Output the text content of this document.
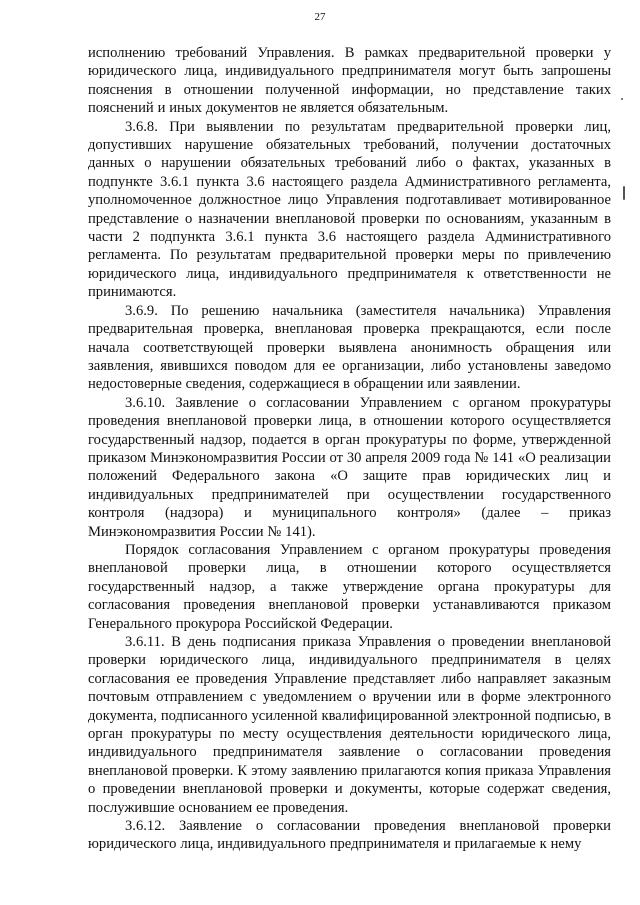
27

исполнению требований Управления. В рамках предварительной проверки у юридического лица, индивидуального предпринимателя могут быть запрошены пояснения в отношении полученной информации, но представление таких пояснений и иных документов не является обязательным.

3.6.8. При выявлении по результатам предварительной проверки лиц, допустивших нарушение обязательных требований, получении достаточных данных о нарушении обязательных требований либо о фактах, указанных в подпункте 3.6.1 пункта 3.6 настоящего раздела Административного регламента, уполномоченное должностное лицо Управления подготавливает мотивированное представление о назначении внеплановой проверки по основаниям, указанным в части 2 подпункта 3.6.1 пункта 3.6 настоящего раздела Административного регламента. По результатам предварительной проверки меры по привлечению юридического лица, индивидуального предпринимателя к ответственности не принимаются.

3.6.9. По решению начальника (заместителя начальника) Управления предварительная проверка, внеплановая проверка прекращаются, если после начала соответствующей проверки выявлена анонимность обращения или заявления, явившихся поводом для ее организации, либо установлены заведомо недостоверные сведения, содержащиеся в обращении или заявлении.

3.6.10. Заявление о согласовании Управлением с органом прокуратуры проведения внеплановой проверки лица, в отношении которого осуществляется государственный надзор, подается в орган прокуратуры по форме, утвержденной приказом Минэкономразвития России от 30 апреля 2009 года № 141 «О реализации положений Федерального закона «О защите прав юридических лиц и индивидуальных предпринимателей при осуществлении государственного контроля (надзора) и муниципального контроля» (далее – приказ Минэкономразвития России № 141).

Порядок согласования Управлением с органом прокуратуры проведения внеплановой проверки лица, в отношении которого осуществляется государственный надзор, а также утверждение органа прокуратуры для согласования проведения внеплановой проверки устанавливаются приказом Генерального прокурора Российской Федерации.

3.6.11. В день подписания приказа Управления о проведении внеплановой проверки юридического лица, индивидуального предпринимателя в целях согласования ее проведения Управление представляет либо направляет заказным почтовым отправлением с уведомлением о вручении или в форме электронного документа, подписанного усиленной квалифицированной электронной подписью, в орган прокуратуры по месту осуществления деятельности юридического лица, индивидуального предпринимателя заявление о согласовании проведения внеплановой проверки. К этому заявлению прилагаются копия приказа Управления о проведении внеплановой проверки и документы, которые содержат сведения, послужившие основанием ее проведения.

3.6.12. Заявление о согласовании проведения внеплановой проверки юридического лица, индивидуального предпринимателя и прилагаемые к нему
